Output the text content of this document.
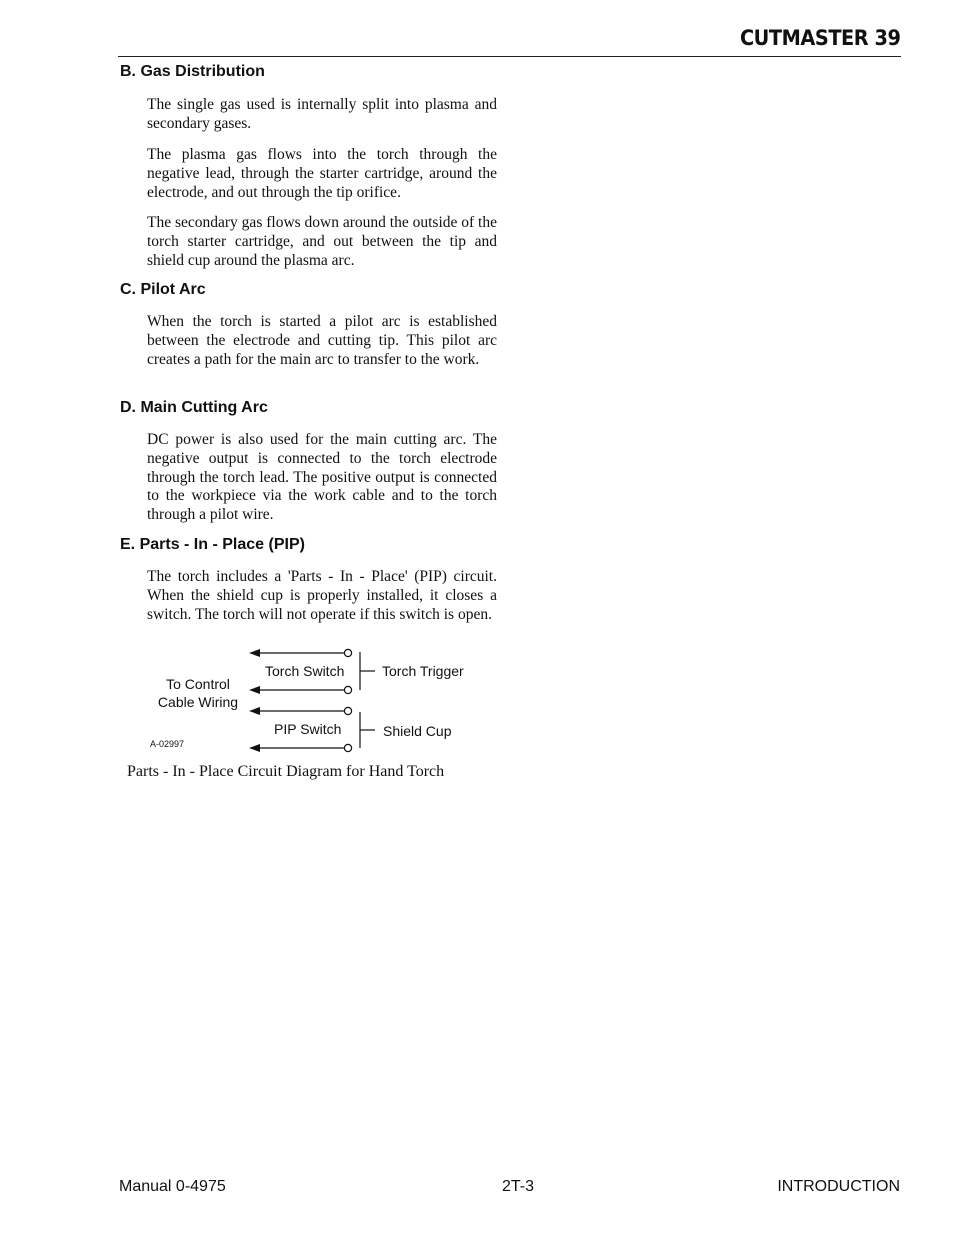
CUTMASTER 39
B. Gas Distribution

The single gas used is internally split into plasma and secondary gases.

The plasma gas flows into the torch through the negative lead, through the starter cartridge, around the electrode, and out through the tip orifice.

The secondary gas flows down around the outside of the torch starter cartridge, and out between the tip and shield cup around the plasma arc.

C. Pilot Arc

When the torch is started a pilot arc is established between the electrode and cutting tip. This pilot arc creates a path for the main arc to transfer to the work.

D. Main Cutting Arc

DC power is also used for the main cutting arc. The negative output is connected to the torch electrode through the torch lead. The positive output is connected to the workpiece via the work cable and to the torch through a pilot wire.

E. Parts - In - Place (PIP)

The torch includes a 'Parts - In - Place' (PIP) circuit. When the shield cup is properly installed, it closes a switch. The torch will not operate if this switch is open.

To Control
Cable Wiring
Torch Switch	Torch Trigger
PIP Switch	Shield Cup
A-02997
Parts - In - Place Circuit Diagram for Hand Torch
Manual 0-4975	2T-3	INTRODUCTION
